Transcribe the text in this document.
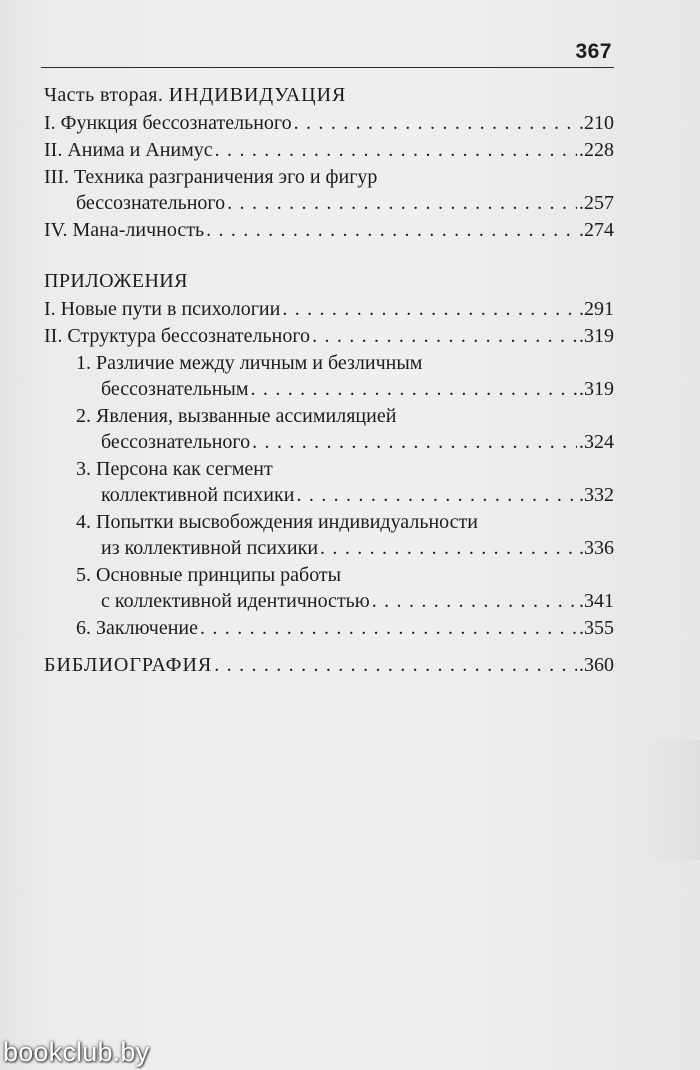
367
Часть вторая. ИНДИВИДУАЦИЯ
I. Функция бессознательного . . .	.210
II. Анима и Анимус . . .	.228
III. Техника разграничения эго и фигур
бессознательного . . .	.257
IV. Мана-личность . . .	.274
ПРИЛОЖЕНИЯ
I. Новые пути в психологии . . .	.291
II. Структура бессознательного . . .	.319
1. Различие между личным и безличным
бессознательным . . .	.319
2. Явления, вызванные ассимиляцией
бессознательного . . .	.324
3. Персона как сегмент
коллективной психики . . .	.332
4. Попытки высвобождения индивидуальности
из коллективной психики . . .	.336
5. Основные принципы работы
с коллективной идентичностью . . .	.341
6. Заключение . . .	.355
БИБЛИОГРАФИЯ . . .	.360
bookclub.by
